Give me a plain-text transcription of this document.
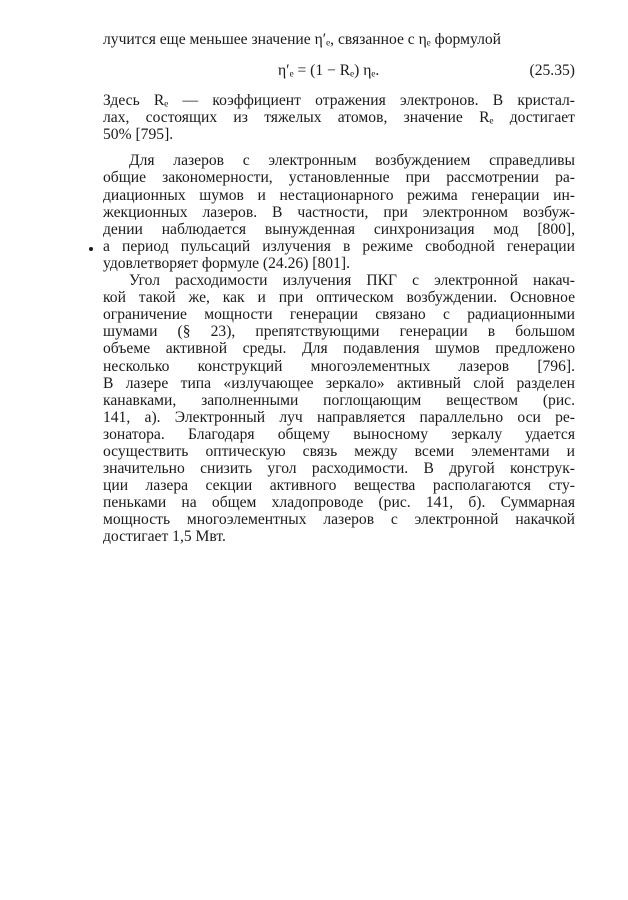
лучится еще меньшее значение η′ₑ, связанное с ηₑ формулой
η′ₑ = (1 − Rₑ) ηₑ.	(25.35)
Здесь Rₑ — коэффициент отражения электронов. В кристал-
лах, состоящих из тяжелых атомов, значение Rₑ достигает
50% [795].
Для лазеров с электронным возбуждением справедливы
общие закономерности, установленные при рассмотрении ра-
диационных шумов и нестационарного режима генерации ин-
жекционных лазеров. В частности, при электронном возбуж-
дении наблюдается вынужденная синхронизация мод [800],
а период пульсаций излучения в режиме свободной генерации
удовлетворяет формуле (24.26) [801].
Угол расходимости излучения ПКГ с электронной накач-
кой такой же, как и при оптическом возбуждении. Основное
ограничение мощности генерации связано с радиационными
шумами (§ 23), препятствующими генерации в большом
объеме активной среды. Для подавления шумов предложено
несколько конструкций многоэлементных лазеров [796].
В лазере типа «излучающее зеркало» активный слой разделен
канавками, заполненными поглощающим веществом (рис.
141, а). Электронный луч направляется параллельно оси ре-
зонатора. Благодаря общему выносному зеркалу удается
осуществить оптическую связь между всеми элементами и
значительно снизить угол расходимости. В другой конструк-
ции лазера секции активного вещества располагаются сту-
пеньками на общем хладопроводе (рис. 141, б). Суммарная
мощность многоэлементных лазеров с электронной накачкой
достигает 1,5 Мвт.
